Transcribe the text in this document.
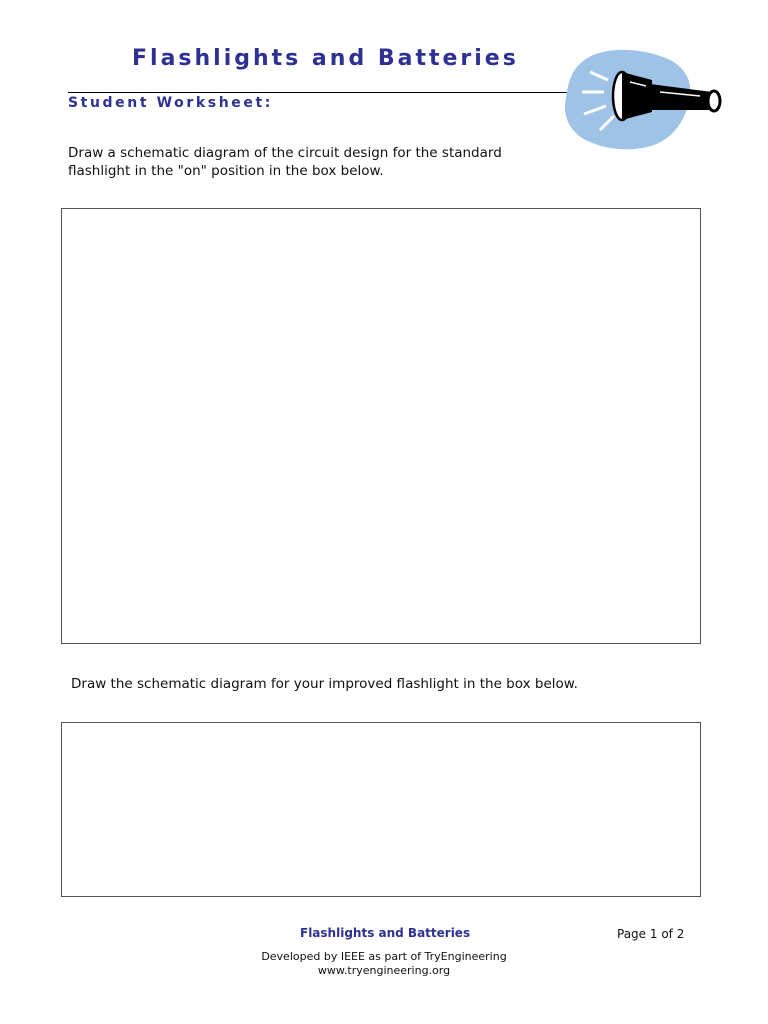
Flashlights and Batteries
Student Worksheet:
Draw a schematic diagram of the circuit design for the standard flashlight in the "on" position in the box below.
Draw the schematic diagram for your improved flashlight in the box below.
Flashlights and Batteries	Page 1 of 2
Developed by IEEE as part of TryEngineering
www.tryengineering.org
